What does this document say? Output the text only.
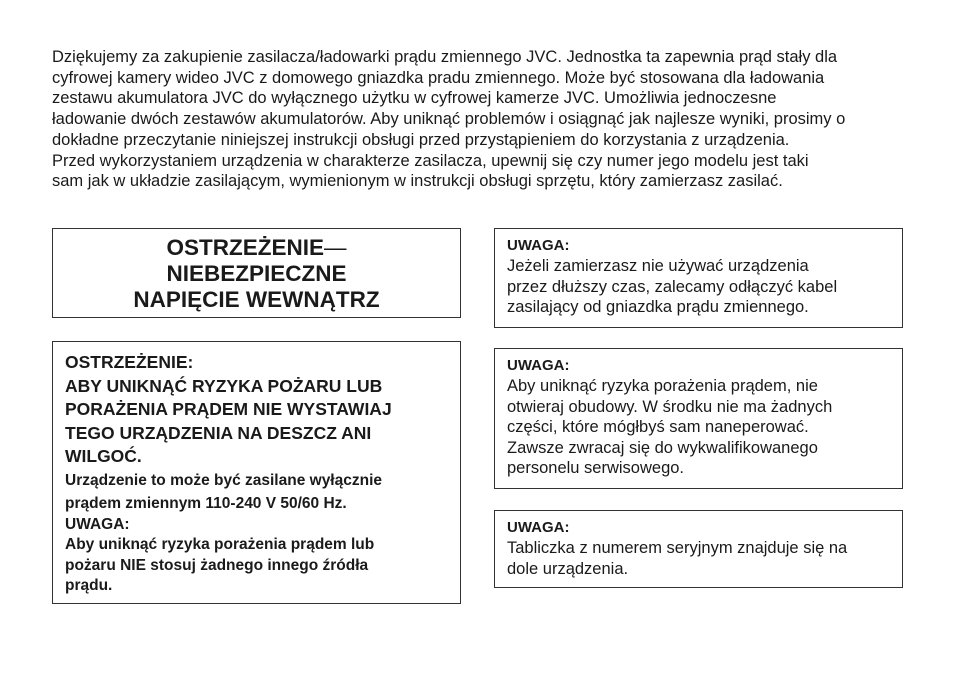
Dziękujemy za zakupienie zasilacza/ładowarki prądu zmiennego JVC. Jednostka ta zapewnia prąd stały dla
cyfrowej kamery wideo JVC z domowego gniazdka pradu zmiennego. Może być stosowana dla ładowania
zestawu akumulatora JVC do wyłącznego użytku w cyfrowej kamerze JVC. Umożliwia jednoczesne
ładowanie dwóch zestawów akumulatorów. Aby uniknąć problemów i osiągnąć jak najlesze wyniki, prosimy o
dokładne przeczytanie niniejszej instrukcji obsługi przed przystąpieniem do korzystania z urządzenia.
Przed wykorzystaniem urządzenia w charakterze zasilacza, upewnij się czy numer jego modelu jest taki
sam jak w układzie zasilającym, wymienionym w instrukcji obsługi sprzętu, który zamierzasz zasilać.
OSTRZEŻENIE—
NIEBEZPIECZNE
NAPIĘCIE WEWNĄTRZ
OSTRZEŻENIE:
ABY UNIKNĄĆ RYZYKA POŻARU LUB
PORAŻENIA PRĄDEM NIE WYSTAWIAJ
TEGO URZĄDZENIA NA DESZCZ ANI
WILGOĆ.
Urządzenie to może być zasilane wyłącznie
prądem zmiennym 110-240 V 50/60 Hz.
UWAGA:
Aby uniknąć ryzyka porażenia prądem lub
pożaru NIE stosuj żadnego innego źródła
prądu.
UWAGA:
Jeżeli zamierzasz nie używać urządzenia
przez dłuższy czas, zalecamy odłączyć kabel
zasilający od gniazdka prądu zmiennego.
UWAGA:
Aby uniknąć ryzyka porażenia prądem, nie
otwieraj obudowy. W środku nie ma żadnych
części, które mógłbyś sam naneperować.
Zawsze zwracaj się do wykwalifikowanego
personelu serwisowego.
UWAGA:
Tabliczka z numerem seryjnym znajduje się na
dole urządzenia.
